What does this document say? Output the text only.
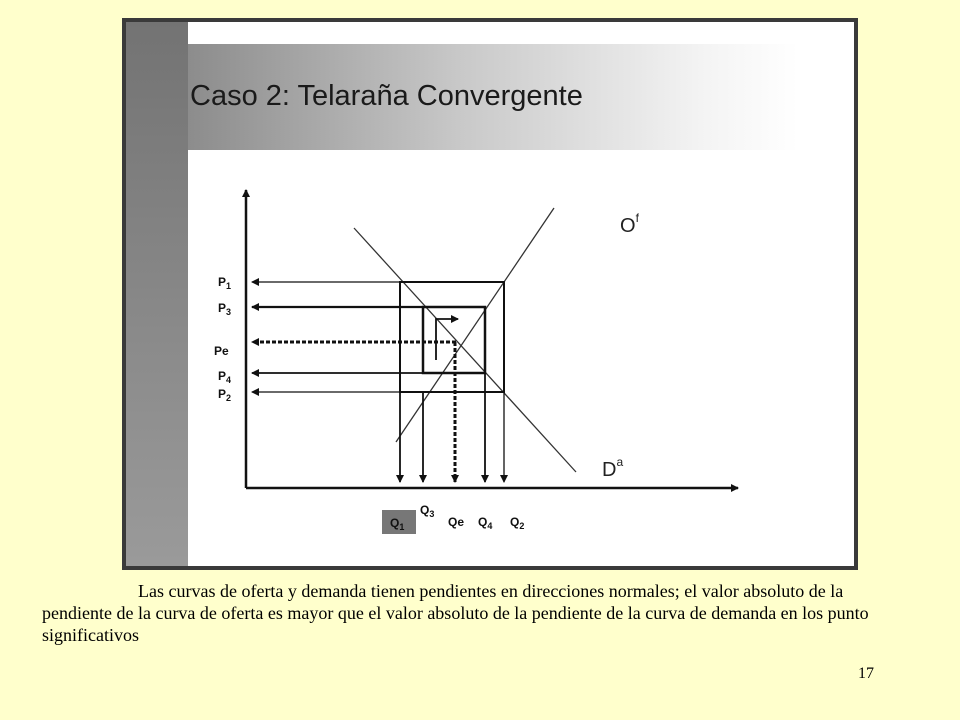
Caso 2: Telaraña Convergente
$O^f$
$D^a$
$P_1$
$P_3$
Pe
$P_4$
$P_2$
$Q_1$
$Q_3$
Qe $Q_4$ $Q_2$

Las curvas de oferta y demanda tienen pendientes en direcciones normales; el valor absoluto de la pendiente de la curva de oferta es mayor que el valor absoluto de la pendiente de la curva de demanda en los punto significativos

17
